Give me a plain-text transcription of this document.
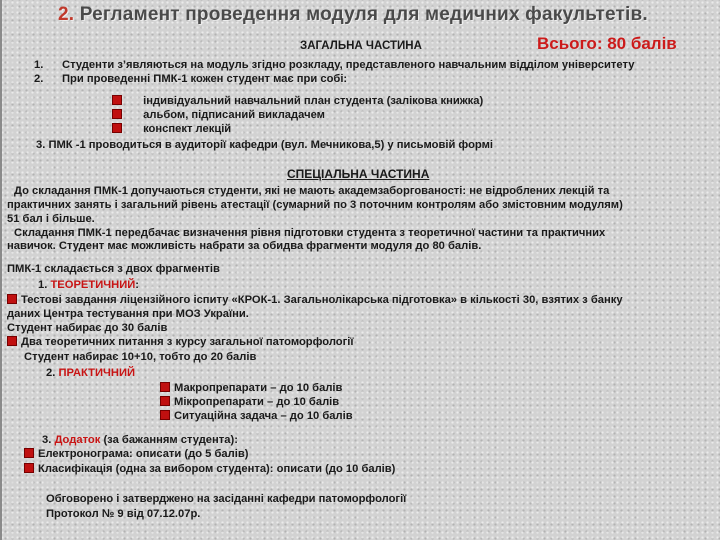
2. Регламент проведення модуля для медичних факультетів.
ЗАГАЛЬНА ЧАСТИНА	Всього: 80 балів
1. Студенти з’являються на модуль згідно розкладу, представленого навчальним відділом університету
2. При проведенні ПМК-1 кожен студент має при собі:
індивідуальний навчальний план студента (залікова книжка)
альбом, підписаний викладачем
конспект лекцій
3. ПМК -1 проводиться в аудиторії кафедри (вул. Мечникова,5) у письмовій формі
СПЕЦІАЛЬНА ЧАСТИНА
До складання ПМК-1 допучаються студенти, які не мають академзаборгованості: не відроблених лекцій та
практичних занять і загальний рівень атестації (сумарний по 3 поточним контролям або змістовним модулям)
51 бал і більше.
Складання ПМК-1 передбачає визначення рівня підготовки студента з теоретичної частини та практичних
навичок. Студент має можливість набрати за обидва фрагменти модуля до 80 балів.
ПМК-1 складається з двох фрагментів
1. ТЕОРЕТИЧНИЙ:
Тестові завдання ліцензійного іспиту «КРОК-1. Загальнолікарська підготовка» в кількості 30, взятих з банку
даних Центра тестування при МОЗ України.
Студент набирає до 30 балів
Два теоретичних питання з курсу загальної патоморфології
Студент набирає 10+10, тобто до 20 балів
2. ПРАКТИЧНИЙ
Макропрепарати – до 10 балів
Мікропрепарати – до 10 балів
Ситуаційна задача – до 10 балів
3. Додаток (за бажанням студента):
Електронограма: описати (до 5 балів)
Класифікація (одна за вибором студента): описати (до 10 балів)
Обговорено і затверджено на засіданні кафедри патоморфології
Протокол № 9 від 07.12.07р.
